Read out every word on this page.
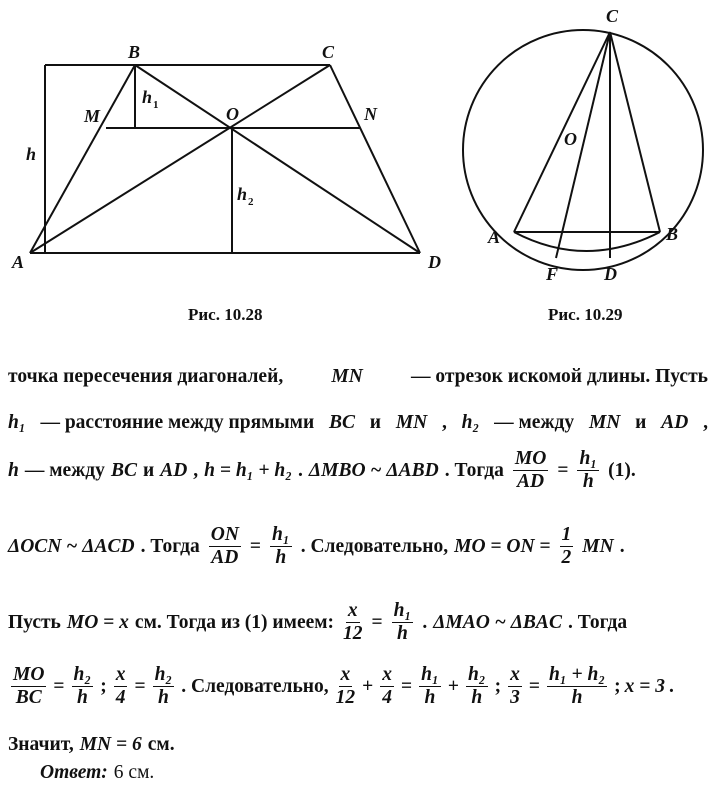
A	D
B	C
M	N
O
h
h 1
h 2
C
O
A	B
F	D
Рис. 10.28	Рис. 10.29
точка пересечения диагоналей, MN — отрезок искомой длины. Пусть
h₁ — расстояние между прямыми BC и MN , h₂ — между MN и AD ,
h — между BC и AD , h = h₁ + h₂ . ΔMBO ~ ΔABD . Тогда $\frac{MO}{AD} = \frac{\text{h₁}}{h} (1)$.
ΔOCN ~ ΔACD . Тогда $\frac{ON}{AD} = \frac{\text{h₁}}{h}$ . Следовательно, MO = ON = $\frac{1}{2}$ MN .
Пусть MO = x см. Тогда из (1) имеем: $\frac{x}{12} = \frac{\text{h₁}}{h}$ . ΔMAO ~ ΔBAC . Тогда
$\frac{MO}{BC} = \frac{\text{h₂}}{h}$ ; $\frac{x}{4} = \frac{\text{h₂}}{h}$ . Следовательно, $\frac{x}{12} + \frac{x}{4} = \frac{\text{h₁}}{h} + \frac{\text{h₂}}{h}$ ; $\frac{x}{3} = \frac{\text{h₁ + h₂}}{h}$ ; x = 3 .
Значит, MN = 6 см.
Ответ: 6 см.
